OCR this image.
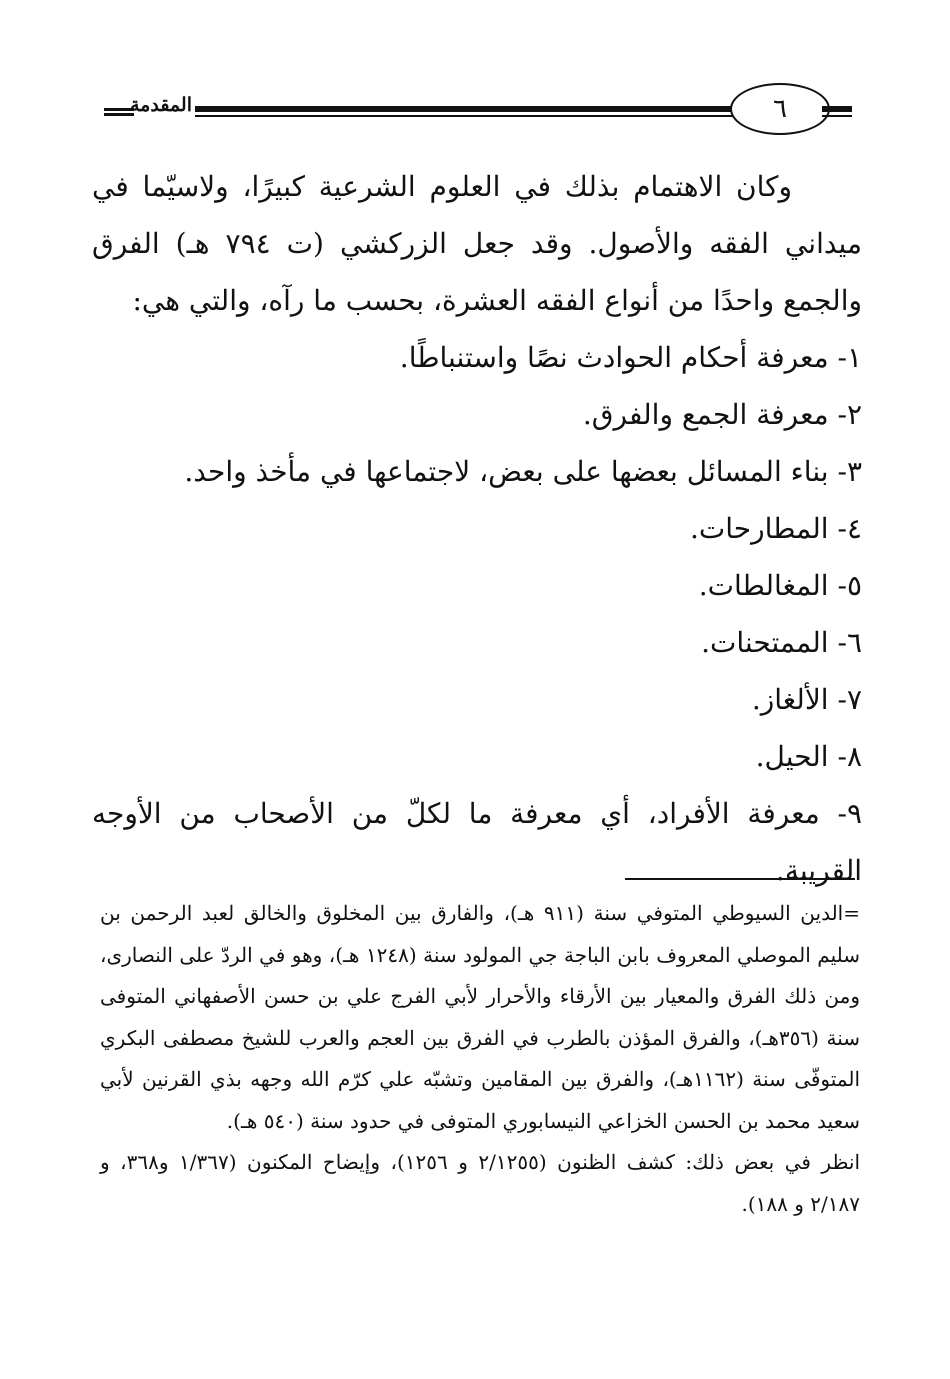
المقدمة	٦

وكان الاهتمام بذلك في العلوم الشرعية كبيرًا، ولاسيّما في ميداني الفقه والأصول. وقد جعل الزركشي (ت ٧٩٤ هـ) الفرق والجمع واحدًا من أنواع الفقه العشرة، بحسب ما رآه، والتي هي:

١- معرفة أحكام الحوادث نصًا واستنباطًا.
٢- معرفة الجمع والفرق.
٣- بناء المسائل بعضها على بعض، لاجتماعها في مأخذ واحد.
٤- المطارحات.
٥- المغالطات.
٦- الممتحنات.
٧- الألغاز.
٨- الحيل.
٩- معرفة الأفراد، أي معرفة ما لكلّ من الأصحاب من الأوجه القريبة.

=الدين السيوطي المتوفي سنة (٩١١ هـ)، والفارق بين المخلوق والخالق لعبد الرحمن بن سليم الموصلي المعروف بابن الباجة جي المولود سنة (١٢٤٨ هـ)، وهو في الردّ على النصارى، ومن ذلك الفرق والمعيار بين الأرقاء والأحرار لأبي الفرج علي بن حسن الأصفهاني المتوفى سنة (٣٥٦هـ)، والفرق المؤذن بالطرب في الفرق بين العجم والعرب للشيخ مصطفى البكري المتوفّى سنة (١١٦٢هـ)، والفرق بين المقامين وتشبّه علي كرّم الله وجهه بذي القرنين لأبي سعيد محمد بن الحسن الخزاعي النيسابوري المتوفى في حدود سنة (٥٤٠ هـ).

انظر في بعض ذلك: كشف الظنون (٢/١٢٥٥ و ١٢٥٦)، وإيضاح المكنون (١/٣٦٧ و٣٦٨، و ٢/١٨٧ و ١٨٨).
